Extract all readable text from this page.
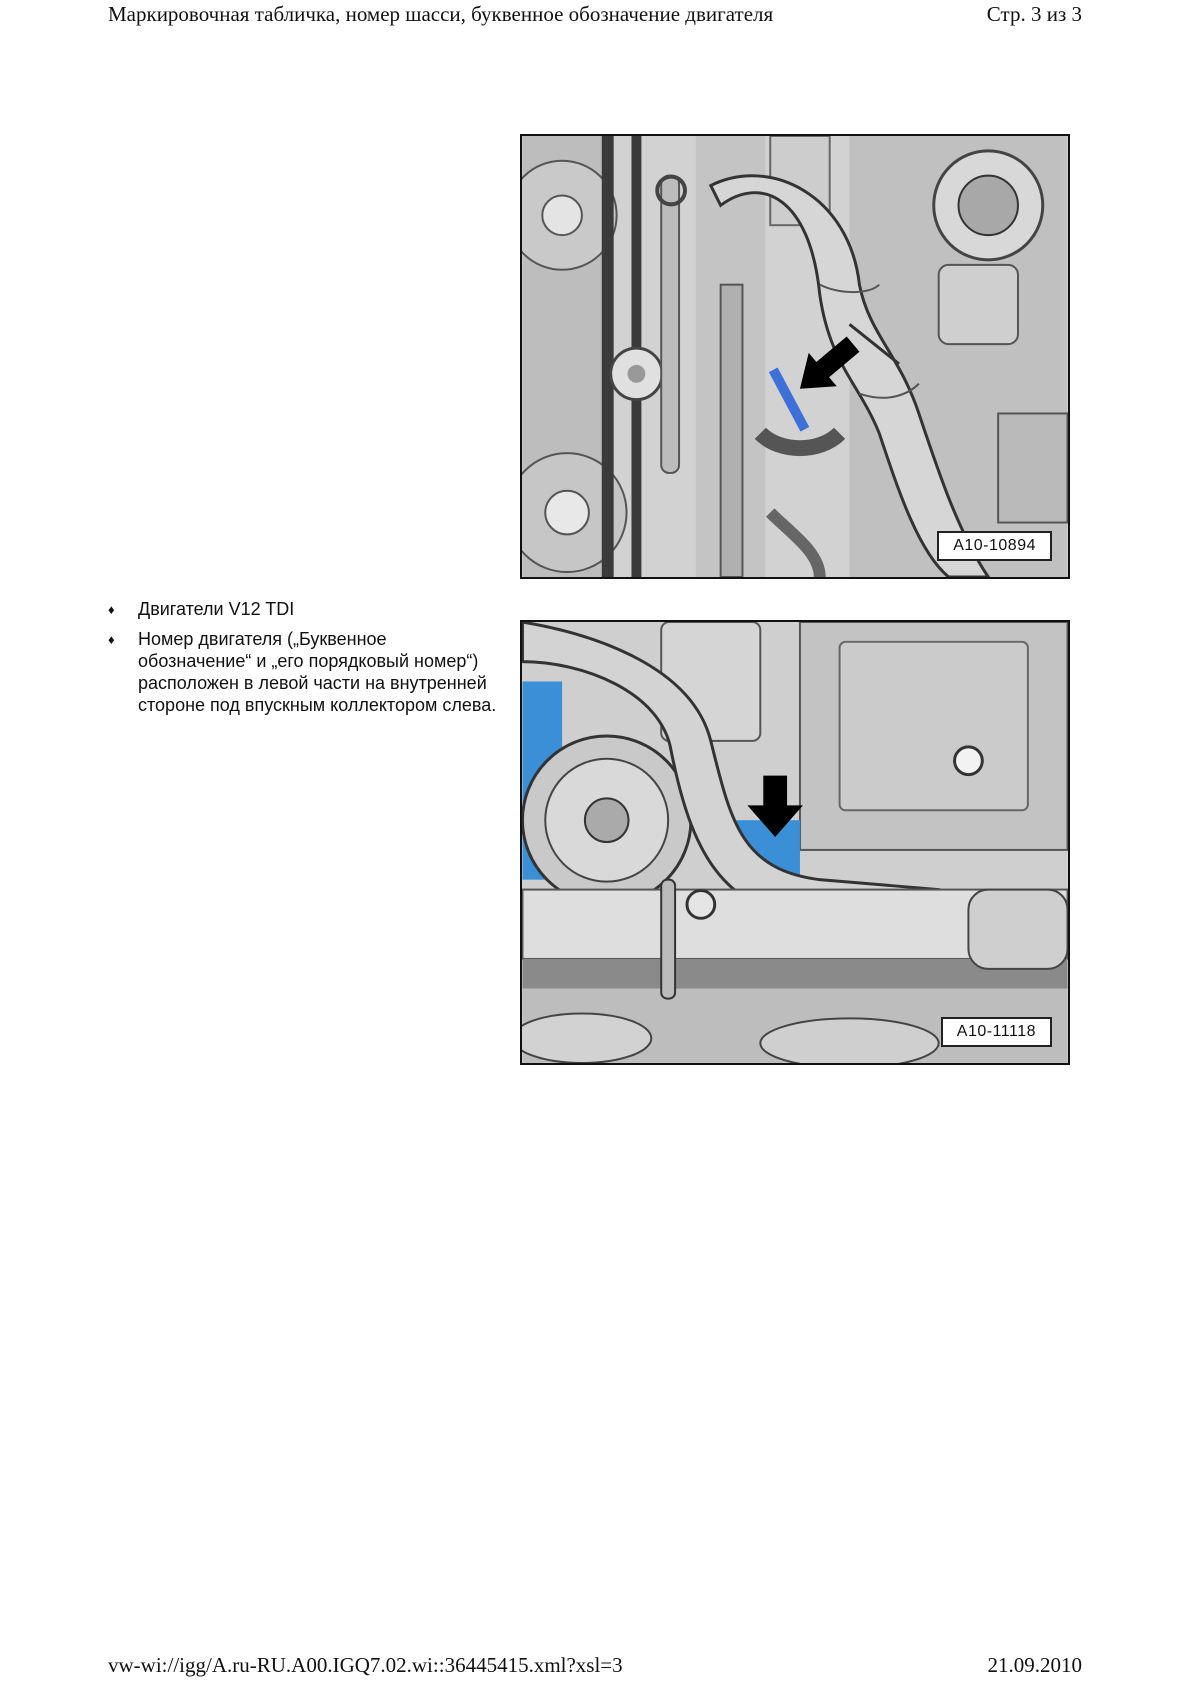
Маркировочная табличка, номер шасси, буквенное обозначение двигателя	Стр. 3 из 3
A10-10894
♦ Двигатели V12 TDI
♦ Номер двигателя („Буквенное обозначение“ и „его порядковый номер“) расположен в левой части на внутренней стороне под впускным коллектором слева.
A10-11118
vw-wi://igg/A.ru-RU.A00.IGQ7.02.wi::36445415.xml?xsl=3	21.09.2010
